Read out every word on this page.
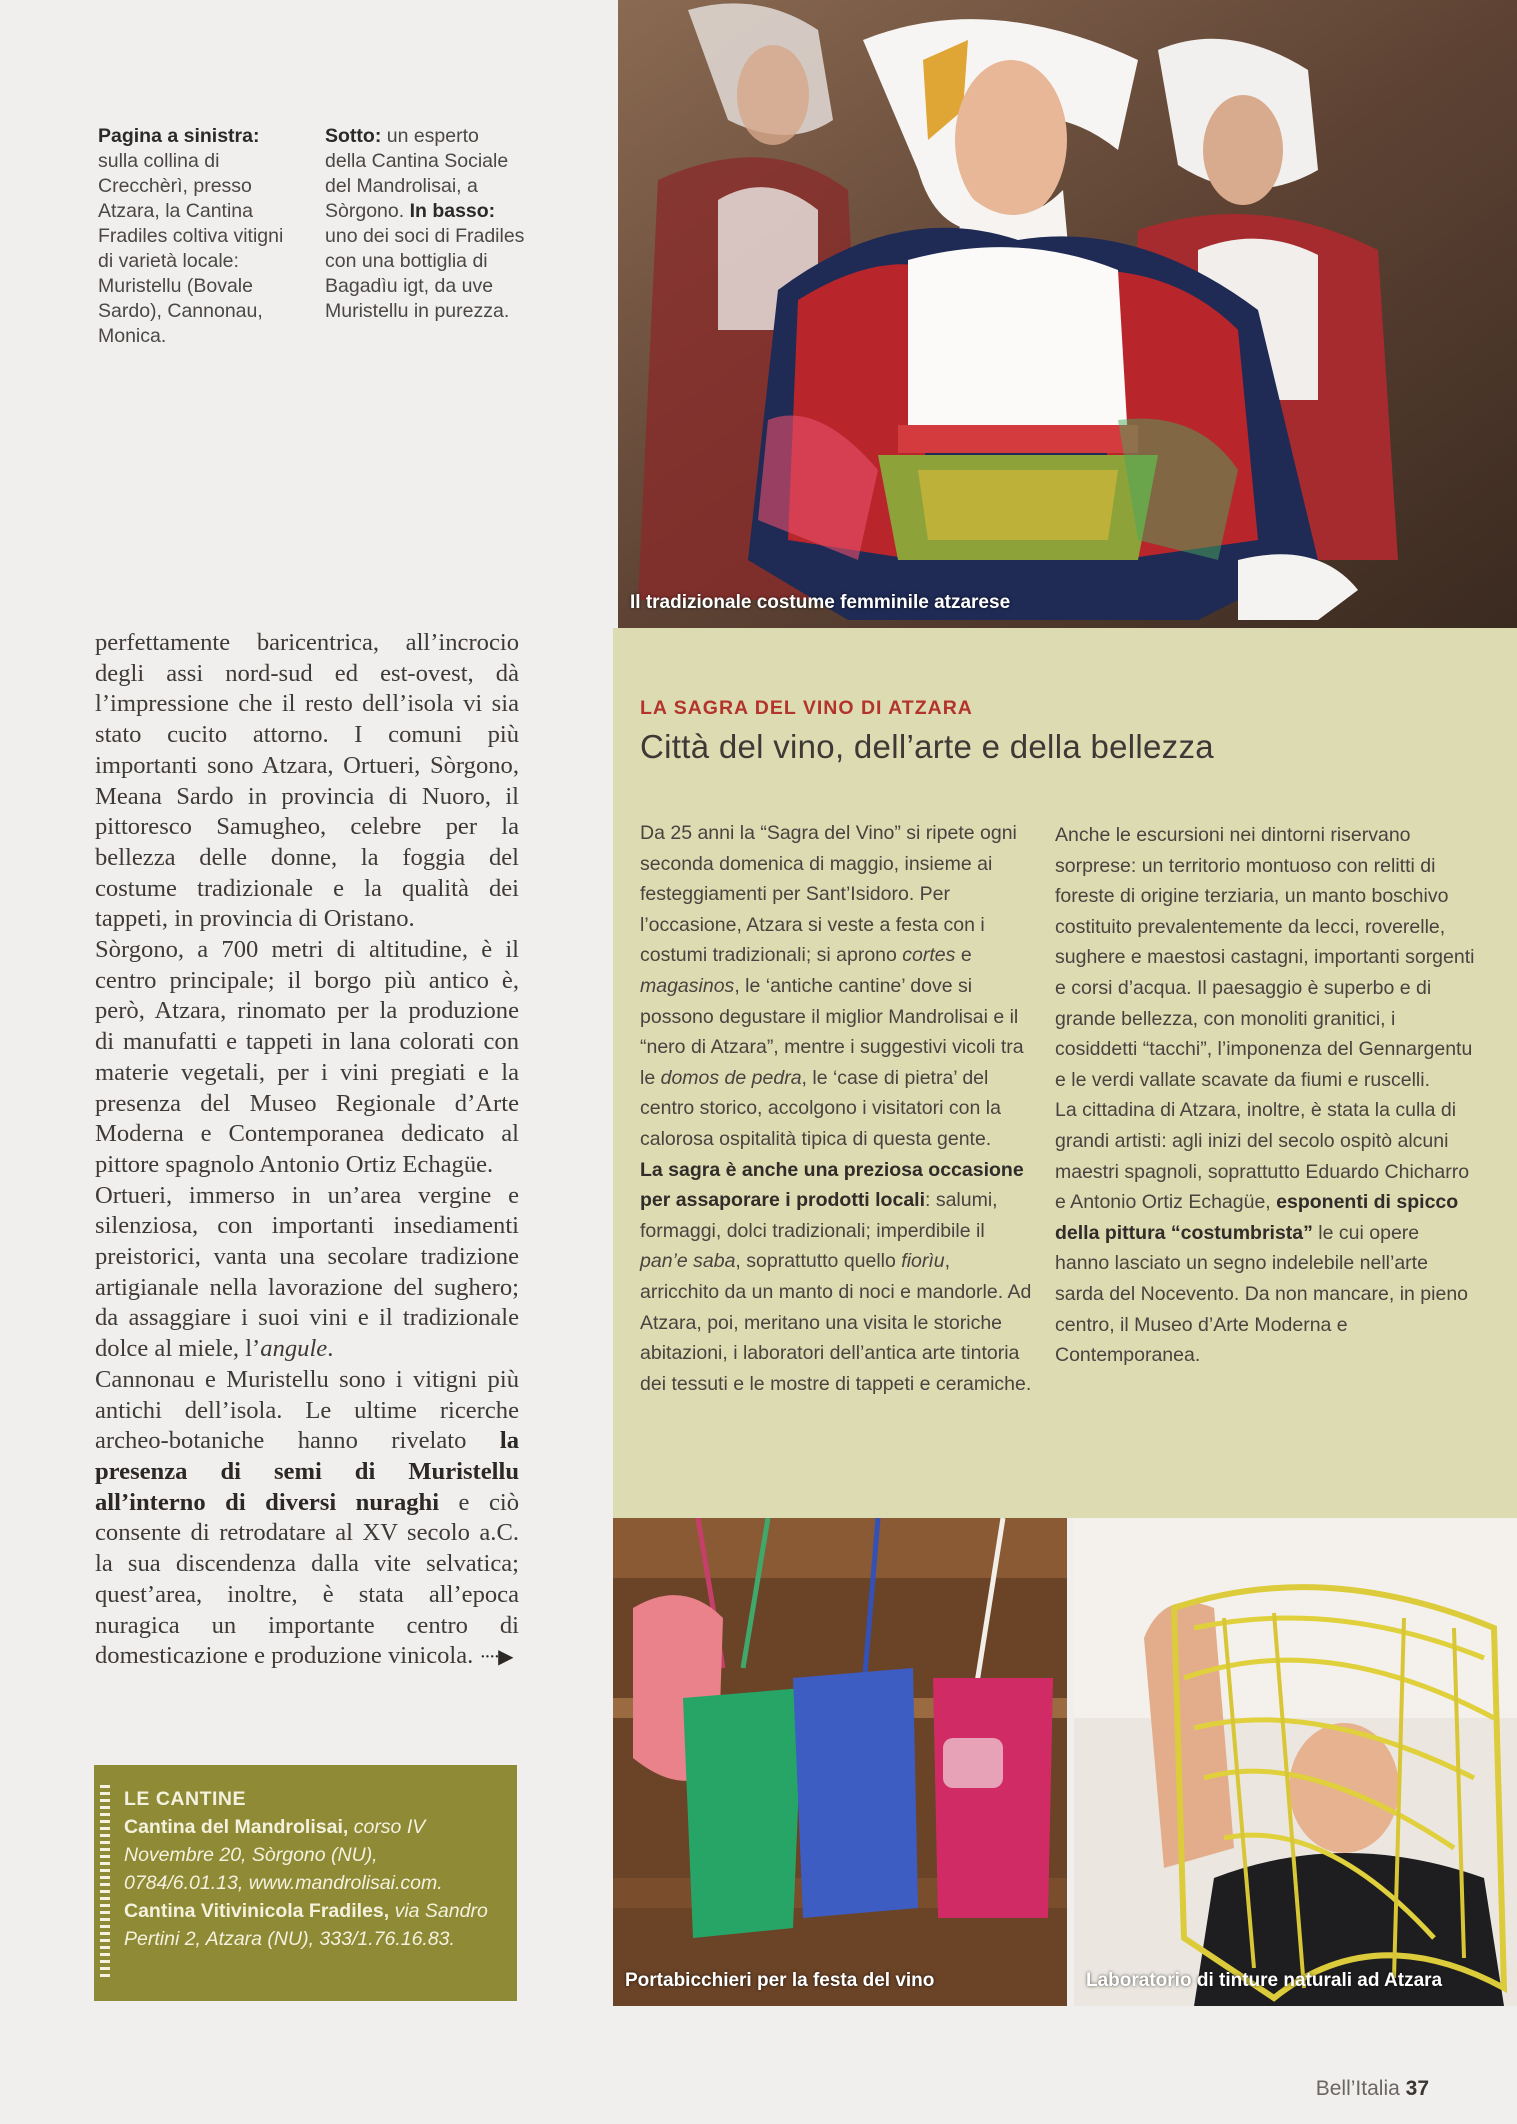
Pagina a sinistra: sulla collina di Crecchèrì, presso Atzara, la Cantina Fradiles coltiva vitigni di varietà locale: Muristellu (Bovale Sardo), Cannonau, Monica.
Sotto: un esperto della Cantina Sociale del Mandrolisai, a Sòrgono. In basso: uno dei soci di Fradiles con una bottiglia di Bagadìu igt, da uve Muristellu in purezza.

perfettamente baricentrica, all’incrocio degli assi nord-sud ed est-ovest, dà l’impressione che il resto dell’isola vi sia stato cucito attorno. I comuni più importanti sono Atzara, Ortueri, Sòrgono, Meana Sardo in provincia di Nuoro, il pittoresco Samugheo, celebre per la bellezza delle donne, la foggia del costume tradizionale e la qualità dei tappeti, in provincia di Oristano.

Sòrgono, a 700 metri di altitudine, è il centro principale; il borgo più antico è, però, Atzara, rinomato per la produzione di manufatti e tappeti in lana colorati con materie vegetali, per i vini pregiati e la presenza del Museo Regionale d’Arte Moderna e Contemporanea dedicato al pittore spagnolo Antonio Ortiz Echagüe.

Ortueri, immerso in un’area vergine e silenziosa, con importanti insediamenti preistorici, vanta una secolare tradizione artigianale nella lavorazione del sughero; da assaggiare i suoi vini e il tradizionale dolce al miele, l’angule.

Cannonau e Muristellu sono i vitigni più antichi dell’isola. Le ultime ricerche archeo-botaniche hanno rivelato la presenza di semi di Muristellu all’interno di diversi nuraghi e ciò consente di retrodatare al XV secolo a.C. la sua discendenza dalla vite selvatica; quest’area, inoltre, è stata all’epoca nuragica un importante centro di domesticazione e produzione vinicola. ····▶

LE CANTINE
Cantina del Mandrolisai, corso IV Novembre 20, Sòrgono (NU), 0784/6.01.13, www.mandrolisai.com.
Cantina Vitivinicola Fradiles, via Sandro Pertini 2, Atzara (NU), 333/1.76.16.83.
Il tradizionale costume femminile atzarese
LA SAGRA DEL VINO DI ATZARA
Città del vino, dell’arte e della bellezza
Da 25 anni la “Sagra del Vino” si ripete ogni seconda domenica di maggio, insieme ai festeggiamenti per Sant’Isidoro. Per l’occasione, Atzara si veste a festa con i costumi tradizionali; si aprono cortes e magasinos, le ‘antiche cantine’ dove si possono degustare il miglior Mandrolisai e il “nero di Atzara”, mentre i suggestivi vicoli tra le domos de pedra, le ‘case di pietra’ del centro storico, accolgono i visitatori con la calorosa ospitalità tipica di questa gente.
La sagra è anche una preziosa occasione per assaporare i prodotti locali: salumi, formaggi, dolci tradizionali; imperdibile il pan’e saba, soprattutto quello fiorìu, arricchito da un manto di noci e mandorle. Ad Atzara, poi, meritano una visita le storiche abitazioni, i laboratori dell’antica arte tintoria dei tessuti e le mostre di tappeti e ceramiche.
Anche le escursioni nei dintorni riservano sorprese: un territorio montuoso con relitti di foreste di origine terziaria, un manto boschivo costituito prevalentemente da lecci, roverelle, sughere e maestosi castagni, importanti sorgenti e corsi d’acqua. Il paesaggio è superbo e di grande bellezza, con monoliti granitici, i cosiddetti “tacchi”, l’imponenza del Gennargentu e le verdi vallate scavate da fiumi e ruscelli.
La cittadina di Atzara, inoltre, è stata la culla di grandi artisti: agli inizi del secolo ospitò alcuni maestri spagnoli, soprattutto Eduardo Chicharro e Antonio Ortiz Echagüe, esponenti di spicco della pittura “costumbrista” le cui opere hanno lasciato un segno indelebile nell’arte sarda del Nocevento. Da non mancare, in pieno centro, il Museo d’Arte Moderna e Contemporanea.
Portabicchieri per la festa del vino	Laboratorio di tinture naturali ad Atzara
Bell’Italia 37
